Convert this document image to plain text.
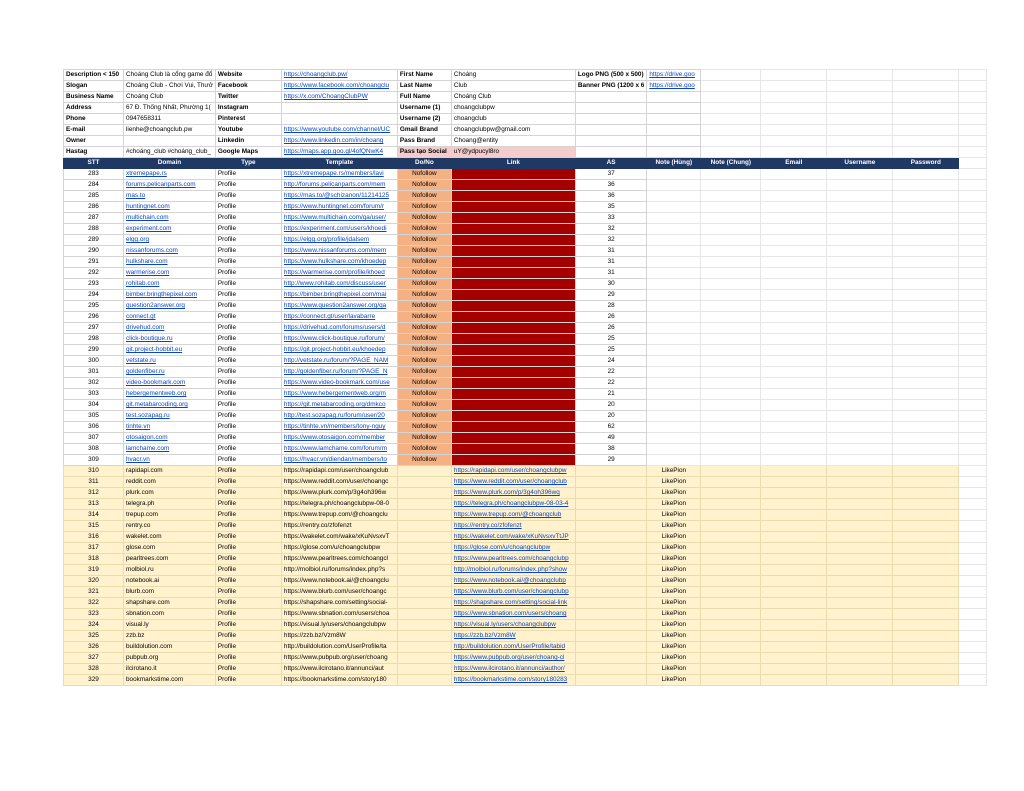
Description < 150	Choáng Club là cổng game đổ	Website	https://choangclub.pw/	First Name	Choáng	Logo PNG (500 x 500)	https://drive.goo					
Slogan	Choáng Club - Chơi Vui, Thưở	Facebook	https://www.facebook.com/choangclu	Last Name	Club	Banner PNG (1200 x 6	https://drive.goo					
Business Name	Choáng Club	Twitter	https://x.com/ChoangClubPW	Full Name	Choáng Club							
Address	67 Đ. Thống Nhất, Phường 1(	Instagram		Username (1)	choangclubpw							
Phone	0947658311	Pinterest		Username (2)	choangclub							
E-mail	lienhe@choangclub.pw	Youtube	https://www.youtube.com/channel/UC	Gmail Brand	choangclubpw@gmail.com							
Owner		Linkedin	https://www.linkedin.com/in/choang	Pass Brand	Choang@entity							
Hastag	#choáng_club #choáng_club_	Google Maps	https://maps.app.goo.gl/4ofQNwK4	Pass tạo Social	uY@ydpucyl8ro							
STT	Domain	Type	Template	Do/No	Link	AS	Note (Hùng)	Note (Chung)	Email	Username	Password	
283	xtremepape.rs	Profile	https://xtremepape.rs/members/lavi	Nofollow		37						
284	forums.pelicanparts.com	Profile	http://forums.pelicanparts.com/mem	Nofollow		36						
285	mas.to	Profile	https://mas.to/@schizanon/11214125	Nofollow		36						
286	huntingnet.com	Profile	https://www.huntingnet.com/forum/r	Nofollow		35						
287	multichain.com	Profile	https://www.multichain.com/qa/user/	Nofollow		33						
288	experiment.com	Profile	https://experiment.com/users/khoedi	Nofollow		32						
289	elgg.org	Profile	https://elgg.org/profile/jdalsem	Nofollow		32						
290	nissanforums.com	Profile	https://www.nissanforums.com/mem	Nofollow		31						
291	hulkshare.com	Profile	https://www.hulkshare.com/khoedep	Nofollow		31						
292	warmerise.com	Profile	https://warmerise.com/profile/khoed	Nofollow		31						
293	rohitab.com	Profile	http://www.rohitab.com/discuss/user	Nofollow		30						
294	bimber.bringthepixel.com	Profile	https://bimber.bringthepixel.com/mai	Nofollow		29						
295	question2answer.org	Profile	https://www.question2answer.org/qa	Nofollow		28						
296	connect.gt	Profile	https://connect.gt/user/lavabarre	Nofollow		26						
297	drivehud.com	Profile	https://drivehud.com/forums/users/d	Nofollow		26						
298	click-boutique.ru	Profile	https://www.click-boutique.ru/forum/	Nofollow		25						
299	git.project-hobbit.eu	Profile	https://git.project-hobbit.eu/khoedep	Nofollow		25						
300	vetstate.ru	Profile	http://vetstate.ru/forum/?PAGE_NAM	Nofollow		24						
301	goldenfiber.ru	Profile	http://goldenfiber.ru/forum/?PAGE_N	Nofollow		22						
302	video-bookmark.com	Profile	https://www.video-bookmark.com/use	Nofollow		22						
303	hebergementweb.org	Profile	https://www.hebergementweb.org/m	Nofollow		21						
304	git.metabarcoding.org	Profile	https://git.metabarcoding.org/dmkco	Nofollow		20						
305	test.sozapag.ru	Profile	http://test.sozapag.ru/forum/user/20	Nofollow		20						
306	tinhte.vn	Profile	https://tinhte.vn/members/tony-nguy	Nofollow		62						
307	otosaigon.com	Profile	https://www.otosaigon.com/member	Nofollow		49						
308	lamchame.com	Profile	https://www.lamchame.com/forum/m	Nofollow		38						
309	hvacr.vn	Profile	https://hvacr.vn/diendan/members/to	Nofollow		29						
310	rapidapi.com	Profile	https://rapidapi.com/user/choangclub		https://rapidapi.com/user/choangclubpw		LikePion					
311	reddit.com	Profile	https://www.reddit.com/user/choangc		https://www.reddit.com/user/choangclub		LikePion					
312	plurk.com	Profile	https://www.plurk.com/p/3g4oh396w		https://www.plurk.com/p/3g4oh396wq		LikePion					
313	telegra.ph	Profile	https://telegra.ph/choangclubpw-08-0		https://telegra.ph/choangclubpw-08-03-4		LikePion					
314	trepup.com	Profile	https://www.trepup.com/@choangclu		https://www.trepup.com/@choangclub		LikePion					
315	rentry.co	Profile	https://rentry.co/zfofenzt		https://rentry.co/zfofenzt		LikePion					
316	wakelet.com	Profile	https://wakelet.com/wake/xKuNvsxvT		https://wakelet.com/wake/xKuNvsxvTtJP		LikePion					
317	glose.com	Profile	https://glose.com/u/choangclubpw		https://glose.com/u/choangclubpw		LikePion					
318	pearltrees.com	Profile	https://www.pearltrees.com/choangcl		https://www.pearltrees.com/choangclubp		LikePion					
319	molbiol.ru	Profile	http://molbiol.ru/forums/index.php?s		http://molbiol.ru/forums/index.php?show		LikePion					
320	notebook.ai	Profile	https://www.notebook.ai/@choangclu		https://www.notebook.ai/@choangclubp		LikePion					
321	blurb.com	Profile	https://www.blurb.com/user/choangc		https://www.blurb.com/user/choangclubp		LikePion					
322	shapshare.com	Profile	https://shapshare.com/setting/social-		https://shapshare.com/setting/social-link		LikePion					
323	sbnation.com	Profile	https://www.sbnation.com/users/choa		https://www.sbnation.com/users/choang		LikePion					
324	visual.ly	Profile	https://visual.ly/users/choangclubpw		https://visual.ly/users/choangclubpw		LikePion					
325	zzb.bz	Profile	https://zzb.bz/Vzm8W		https://zzb.bz/Vzm8W		LikePion					
326	buildolution.com	Profile	http://buildolution.com/UserProfile/ta		http://buildolution.com/UserProfile/tabid		LikePion					
327	pubpub.org	Profile	https://www.pubpub.org/user/choang		https://www.pubpub.org/user/choang-cl		LikePion					
328	ilcirotano.it	Profile	https://www.ilcirotano.it/annunci/aut		https://www.ilcirotano.it/annunci/author/		LikePion					
329	bookmarkstime.com	Profile	https://bookmarkstime.com/story180		https://bookmarkstime.com/story180283		LikePion					
